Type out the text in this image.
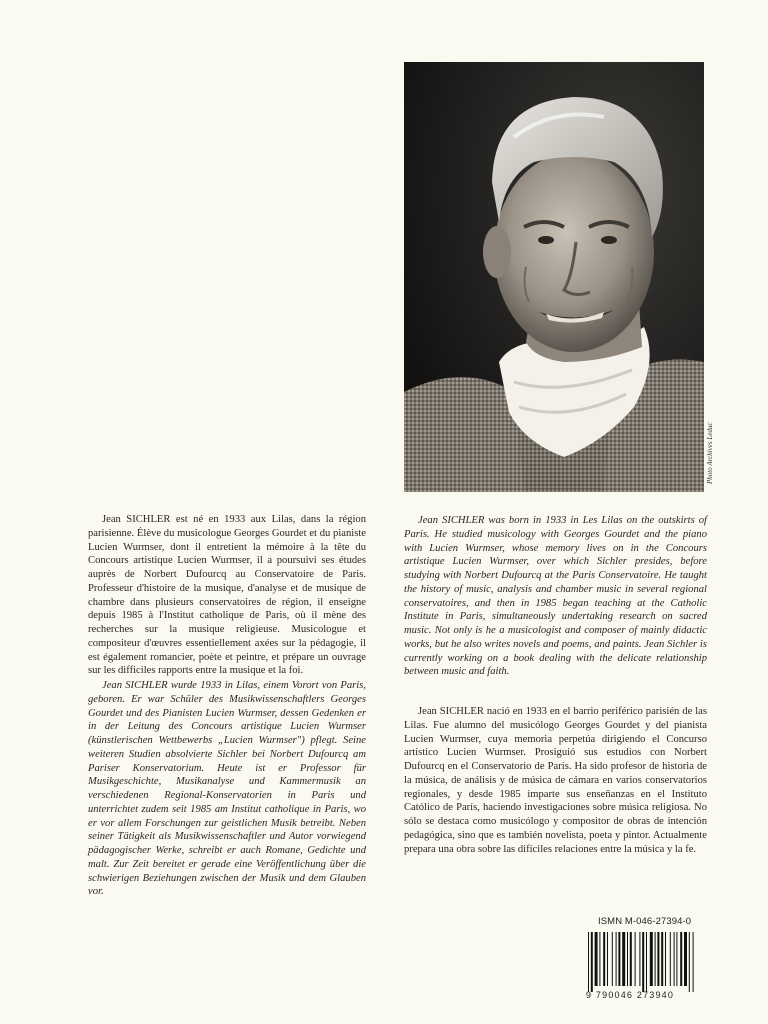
Photo Archives Leduc

Jean SICHLER est né en 1933 aux Lilas, dans la région parisienne. Élève du musicologue Georges Gourdet et du pianiste Lucien Wurmser, dont il entretient la mémoire à la tête du Concours artistique Lucien Wurmser, il a poursuivi ses études auprès de Norbert Dufourcq au Conservatoire de Paris. Professeur d'histoire de la musique, d'analyse et de musique de chambre dans plusieurs conservatoires de région, il enseigne depuis 1985 à l'Institut catholique de Paris, où il mène des recherches sur la musique religieuse. Musicologue et compositeur d'œuvres essentiellement axées sur la pédagogie, il est également romancier, poète et peintre, et prépare un ouvrage sur les difficiles rapports entre la musique et la foi.

Jean SICHLER was born in 1933 in Les Lilas on the outskirts of Paris. He studied musicology with Georges Gourdet and the piano with Lucien Wurmser, whose memory lives on in the Concours artistique Lucien Wurmser, over which Sichler presides, before studying with Norbert Dufourcq at the Paris Conservatoire. He taught the history of music, analysis and chamber music in several regional conservatoires, and then in 1985 began teaching at the Catholic Institute in Paris, simultaneously undertaking research on sacred music. Not only is he a musicologist and composer of mainly didactic works, but he also writes novels and poems, and paints. Jean Sichler is currently working on a book dealing with the delicate relationship between music and faith.

Jean SICHLER wurde 1933 in Lilas, einem Vorort von Paris, geboren. Er war Schüler des Musikwissenschaftlers Georges Gourdet und des Pianisten Lucien Wurmser, dessen Gedenken er in der Leitung des Concours artistique Lucien Wurmser (künstlerischen Wettbewerbs „Lucien Wurmser") pflegt. Seine weiteren Studien absolvierte Sichler bei Norbert Dufourcq am Pariser Konservatorium. Heute ist er Professor für Musikgeschichte, Musikanalyse und Kammermusik an verschiedenen Regional-Konservatorien in Paris und unterrichtet zudem seit 1985 am Institut catholique in Paris, wo er vor allem Forschungen zur geistlichen Musik betreibt. Neben seiner Tätigkeit als Musikwissenschaftler und Autor vorwiegend pädagogischer Werke, schreibt er auch Romane, Gedichte und malt. Zur Zeit bereitet er gerade eine Veröffentlichung über die schwierigen Beziehungen zwischen der Musik und dem Glauben vor.

Jean SICHLER nació en 1933 en el barrio periférico parisién de las Lilas. Fue alumno del musicólogo Georges Gourdet y del pianista Lucien Wurmser, cuya memoria perpetúa dirigiendo el Concurso artístico Lucien Wurmser. Prosiguió sus estudios con Norbert Dufourcq en el Conservatorio de París. Ha sido profesor de historia de la música, de análisis y de música de cámara en varios conservatorios regionales, y desde 1985 imparte sus enseñanzas en el Instituto Católico de París, haciendo investigaciones sobre música religiosa. No sólo se destaca como musicólogo y compositor de obras de intención pedagógica, sino que es también novelista, poeta y pintor. Actualmente prepara una obra sobre las difíciles relaciones entre la música y la fe.

ISMN M-046-27394-0
9 790046 273940
